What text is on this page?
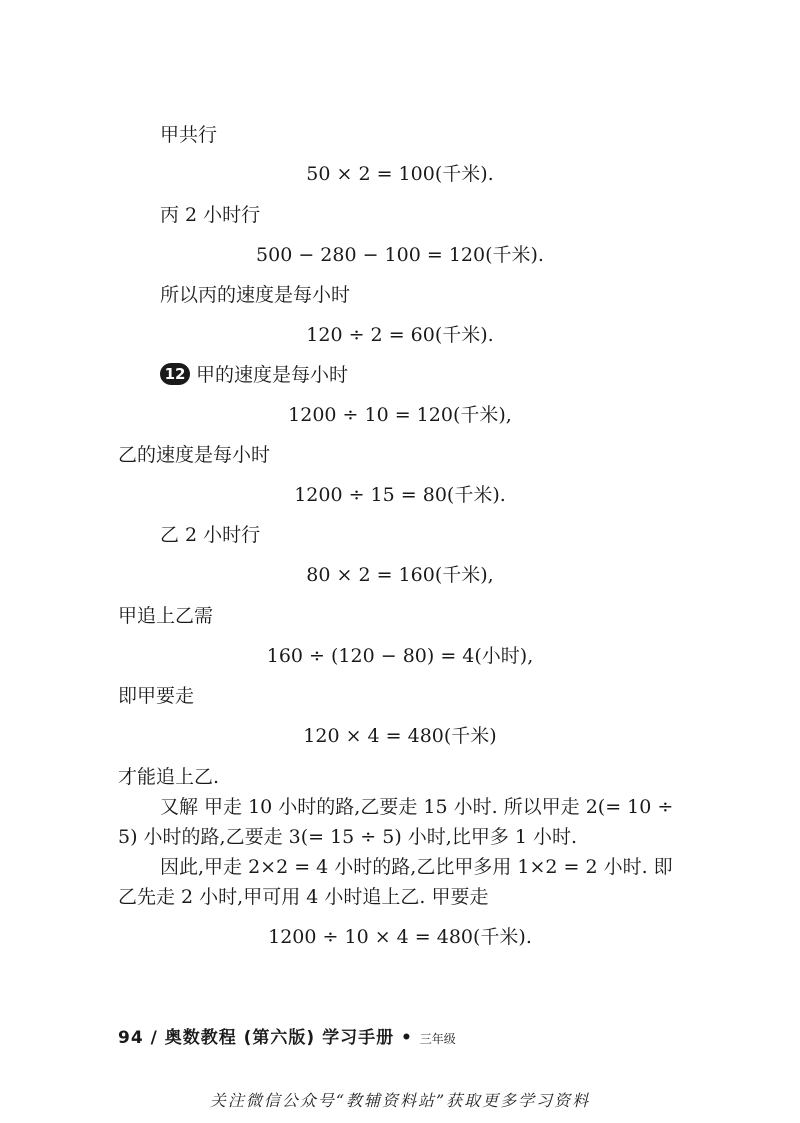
甲共行
50 × 2 = 100(千米).
丙 2 小时行
500 − 280 − 100 = 120(千米).
所以丙的速度是每小时
120 ÷ 2 = 60(千米).
12 甲的速度是每小时
1200 ÷ 10 = 120(千米),
乙的速度是每小时
1200 ÷ 15 = 80(千米).
乙 2 小时行
80 × 2 = 160(千米),
甲追上乙需
160 ÷ (120 − 80) = 4(小时),
即甲要走
120 × 4 = 480(千米)
才能追上乙.
又解 甲走 10 小时的路,乙要走 15 小时. 所以甲走 2(= 10 ÷
5) 小时的路,乙要走 3(= 15 ÷ 5) 小时,比甲多 1 小时.
因此,甲走 2×2 = 4 小时的路,乙比甲多用 1×2 = 2 小时. 即
乙先走 2 小时,甲可用 4 小时追上乙. 甲要走
1200 ÷ 10 × 4 = 480(千米).
94 / 奥数教程 (第六版) 学习手册 • 三年级
关注微信公众号“教辅资料站”获取更多学习资料
